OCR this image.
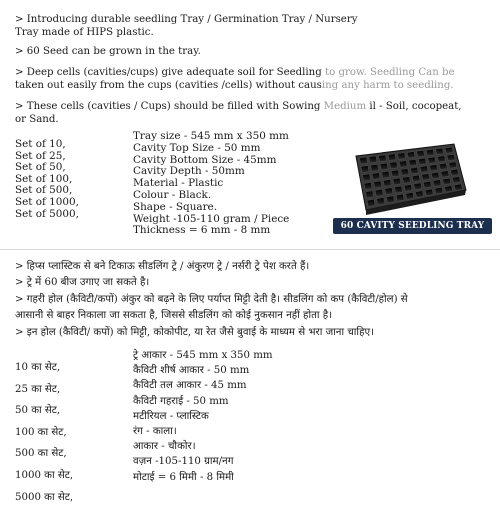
> Introducing durable seedling Tray / Germination Tray / Nursery
Tray made of HIPS plastic.
> 60 Seed can be grown in the tray.
> Deep cells (cavities/cups) give adequate soil for Seedling to grow. Seedling Can be
taken out easily from the cups (cavities /cells) without causing any harm to seedling.
> These cells (cavities / Cups) should be filled with Sowing Medium il - Soil, cocopeat,
or Sand.
Set of 10,
Set of 25,
Set of 50,
Set of 100,
Set of 500,
Set of 1000,
Set of 5000,
Tray size - 545 mm x 350 mm
Cavity Top Size - 50 mm
Cavity Bottom Size - 45mm
Cavity Depth - 50mm
Material - Plastic
Colour - Black.
Shape - Square.
Weight -105-110 gram / Piece
Thickness = 6 mm - 8 mm	60 CAVITY SEEDLING TRAY
> हिप्स प्लास्टिक से बने टिकाऊ सीडलिंग ट्रे / अंकुरण ट्रे / नर्सरी ट्रे पेश करते हैं।
> ट्रे में 60 बीज उगाए जा सकते है।
> गहरी होल (कैविटी/कपों) अंकुर को बढ़ने के लिए पर्याप्त मिट्टी देती है। सीडलिंग को कप (कैविटी/होल) से
आसानी से बाहर निकाला जा सकता है, जिससे सीडलिंग को कोई नुकसान नहीं होता है।
> इन होल (कैविटी/ कपों) को मिट्टी, कोकोपीट, या रेत जैसे बुवाई के माध्यम से भरा जाना चाहिए।
10 का सेट,
25 का सेट,
50 का सेट,
100 का सेट,
500 का सेट,
1000 का सेट,
5000 का सेट,
ट्रे आकार - 545 mm x 350 mm
कैविटी शीर्ष आकार - 50 mm
कैविटी तल आकार - 45 mm
कैविटी गहराई - 50 mm
मटीरियल - प्लास्टिक
रंग - काला।
आकार - चौकोर।
वज़न -105-110 ग्राम/नग
मोटाई = 6 मिमी - 8 मिमी
